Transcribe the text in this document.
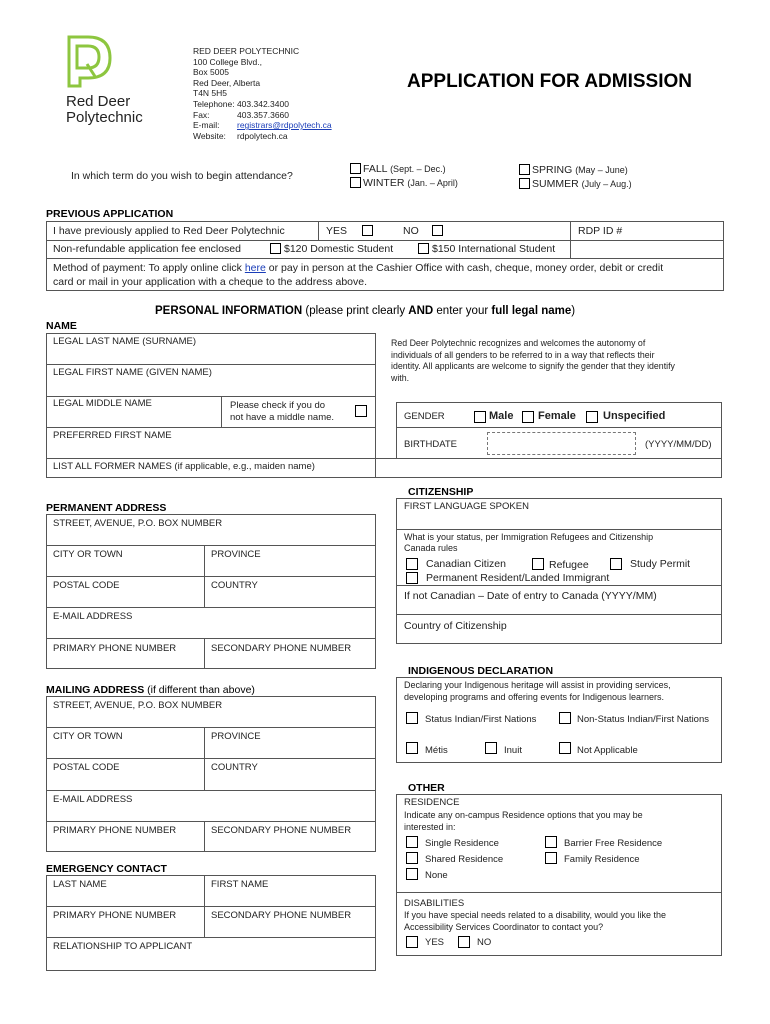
Red Deer
Polytechnic
RED DEER POLYTECHNIC
100 College Blvd.,
Box 5005
Red Deer, Alberta
T4N 5H5
Telephone: 403.342.3400
Fax:	403.357.3660
E-mail: registrars@rdpolytech.ca
Website: rdpolytech.ca
APPLICATION FOR ADMISSION
In which term do you wish to begin attendance?
FALL (Sept. – Dec.)
WINTER (Jan. – April)
SPRING (May – June)
SUMMER (July – Aug.)
PREVIOUS APPLICATION
I have previously applied to Red Deer Polytechnic	YES	NO	RDP ID #
Non-refundable application fee enclosed	$120 Domestic Student	$150 International Student
Method of payment: To apply online click here or pay in person at the Cashier Office with cash, cheque, money order, debit or credit
card or mail in your application with a cheque to the address above.
PERSONAL INFORMATION (please print clearly AND enter your full legal name)
NAME
LEGAL LAST NAME (SURNAME)
LEGAL FIRST NAME (GIVEN NAME)
LEGAL MIDDLE NAME	Please check if you do
not have a middle name.
PREFERRED FIRST NAME
LIST ALL FORMER NAMES (if applicable, e.g., maiden name)
Red Deer Polytechnic recognizes and welcomes the autonomy of
individuals of all genders to be referred to in a way that reflects their
identity. All applicants are welcome to signify the gender that they identify
with.
GENDER	Male Female Unspecified
BIRTHDATE	(YYYY/MM/DD)
PERMANENT ADDRESS
STREET, AVENUE, P.O. BOX NUMBER
CITY OR TOWN	PROVINCE
POSTAL CODE	COUNTRY
E-MAIL ADDRESS
PRIMARY PHONE NUMBER	SECONDARY PHONE NUMBER
CITIZENSHIP
FIRST LANGUAGE SPOKEN
What is your status, per Immigration Refugees and Citizenship
Canada rules
Canadian Citizen	Refugee	Study Permit
Permanent Resident/Landed Immigrant
If not Canadian – Date of entry to Canada (YYYY/MM)
Country of Citizenship
MAILING ADDRESS (if different than above)
STREET, AVENUE, P.O. BOX NUMBER
CITY OR TOWN	PROVINCE
POSTAL CODE	COUNTRY
E-MAIL ADDRESS
PRIMARY PHONE NUMBER	SECONDARY PHONE NUMBER
INDIGENOUS DECLARATION
Declaring your Indigenous heritage will assist in providing services,
developing programs and offering events for Indigenous learners.
Status Indian/First Nations	Non-Status Indian/First Nations
Métis	Inuit	Not Applicable
EMERGENCY CONTACT
LAST NAME	FIRST NAME
PRIMARY PHONE NUMBER	SECONDARY PHONE NUMBER
RELATIONSHIP TO APPLICANT
OTHER
RESIDENCE
Indicate any on-campus Residence options that you may be
interested in:
Single Residence	Barrier Free Residence
Shared Residence	Family Residence
None
DISABILITIES
If you have special needs related to a disability, would you like the
Accessibility Services Coordinator to contact you?
YES	NO
